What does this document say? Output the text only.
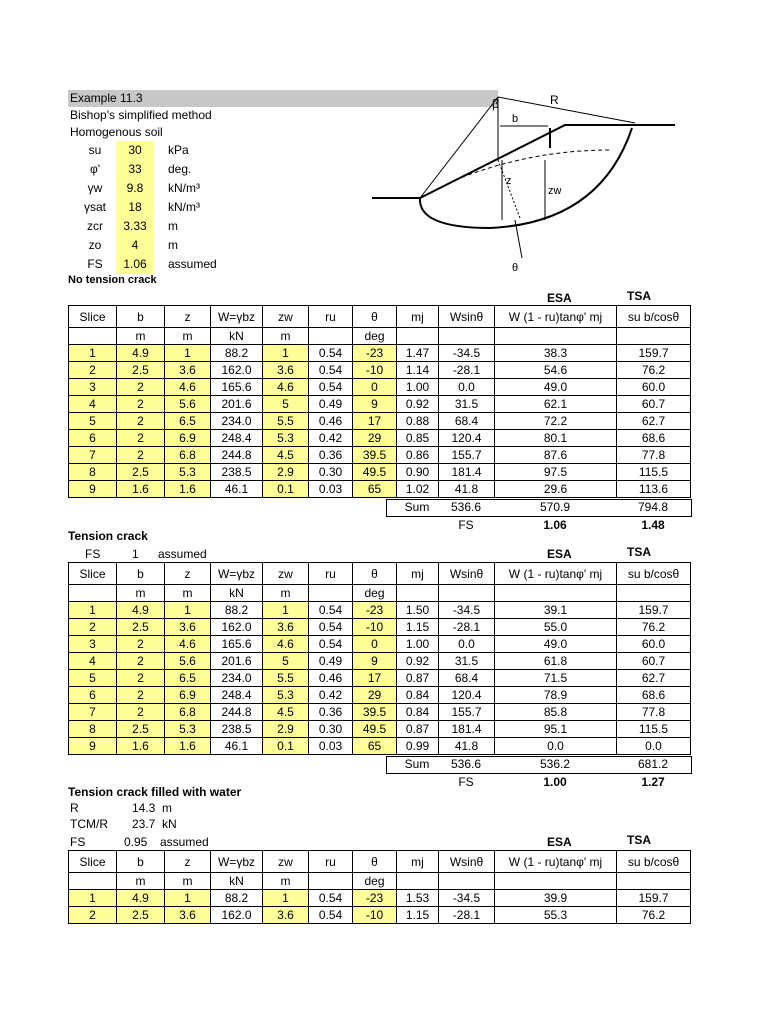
Example 11.3
Bishop's simplified method
Homogenous soil
su	30	kPa
φ'	33	deg.
γw	9.8	kN/m³
γsat	18	kN/m³
zcr	3.33	m
zo	4	m
FS	1.06	assumed
β	R
b
z
zw
θ
No tension crack
ESA	TSA
Slice	b	z	W=γbz	zw	ru	θ	mj	Wsinθ	W (1 - ru)tanφ' mj	su b/cosθ
	m	m	kN	m		deg				
1	4.9	1	88.2	1	0.54	-23	1.47	-34.5	38.3	159.7
2	2.5	3.6	162.0	3.6	0.54	-10	1.14	-28.1	54.6	76.2
3	2	4.6	165.6	4.6	0.54	0	1.00	0.0	49.0	60.0
4	2	5.6	201.6	5	0.49	9	0.92	31.5	62.1	60.7
5	2	6.5	234.0	5.5	0.46	17	0.88	68.4	72.2	62.7
6	2	6.9	248.4	5.3	0.42	29	0.85	120.4	80.1	68.6
7	2	6.8	244.8	4.5	0.36	39.5	0.86	155.7	87.6	77.8
8	2.5	5.3	238.5	2.9	0.30	49.5	0.90	181.4	97.5	115.5
9	1.6	1.6	46.1	0.1	0.03	65	1.02	41.8	29.6	113.6
Sum	536.6	570.9	794.8
FS	1.06	1.48
Tension crack
FS	1 assumed	ESA	TSA
Slice	b	z	W=γbz	zw	ru	θ	mj	Wsinθ	W (1 - ru)tanφ' mj	su b/cosθ
	m	m	kN	m		deg				
1	4.9	1	88.2	1	0.54	-23	1.50	-34.5	39.1	159.7
2	2.5	3.6	162.0	3.6	0.54	-10	1.15	-28.1	55.0	76.2
3	2	4.6	165.6	4.6	0.54	0	1.00	0.0	49.0	60.0
4	2	5.6	201.6	5	0.49	9	0.92	31.5	61.8	60.7
5	2	6.5	234.0	5.5	0.46	17	0.87	68.4	71.5	62.7
6	2	6.9	248.4	5.3	0.42	29	0.84	120.4	78.9	68.6
7	2	6.8	244.8	4.5	0.36	39.5	0.84	155.7	85.8	77.8
8	2.5	5.3	238.5	2.9	0.30	49.5	0.87	181.4	95.1	115.5
9	1.6	1.6	46.1	0.1	0.03	65	0.99	41.8	0.0	0.0
Sum	536.6	536.2	681.2
FS	1.00	1.27
Tension crack filled with water
R	14.3 m
TCM/R 23.7 kN
FS	0.95 assumed	ESA	TSA
Slice	b	z	W=γbz	zw	ru	θ	mj	Wsinθ	W (1 - ru)tanφ' mj	su b/cosθ
	m	m	kN	m		deg				
1	4.9	1	88.2	1	0.54	-23	1.53	-34.5	39.9	159.7
2	2.5	3.6	162.0	3.6	0.54	-10	1.15	-28.1	55.3	76.2
